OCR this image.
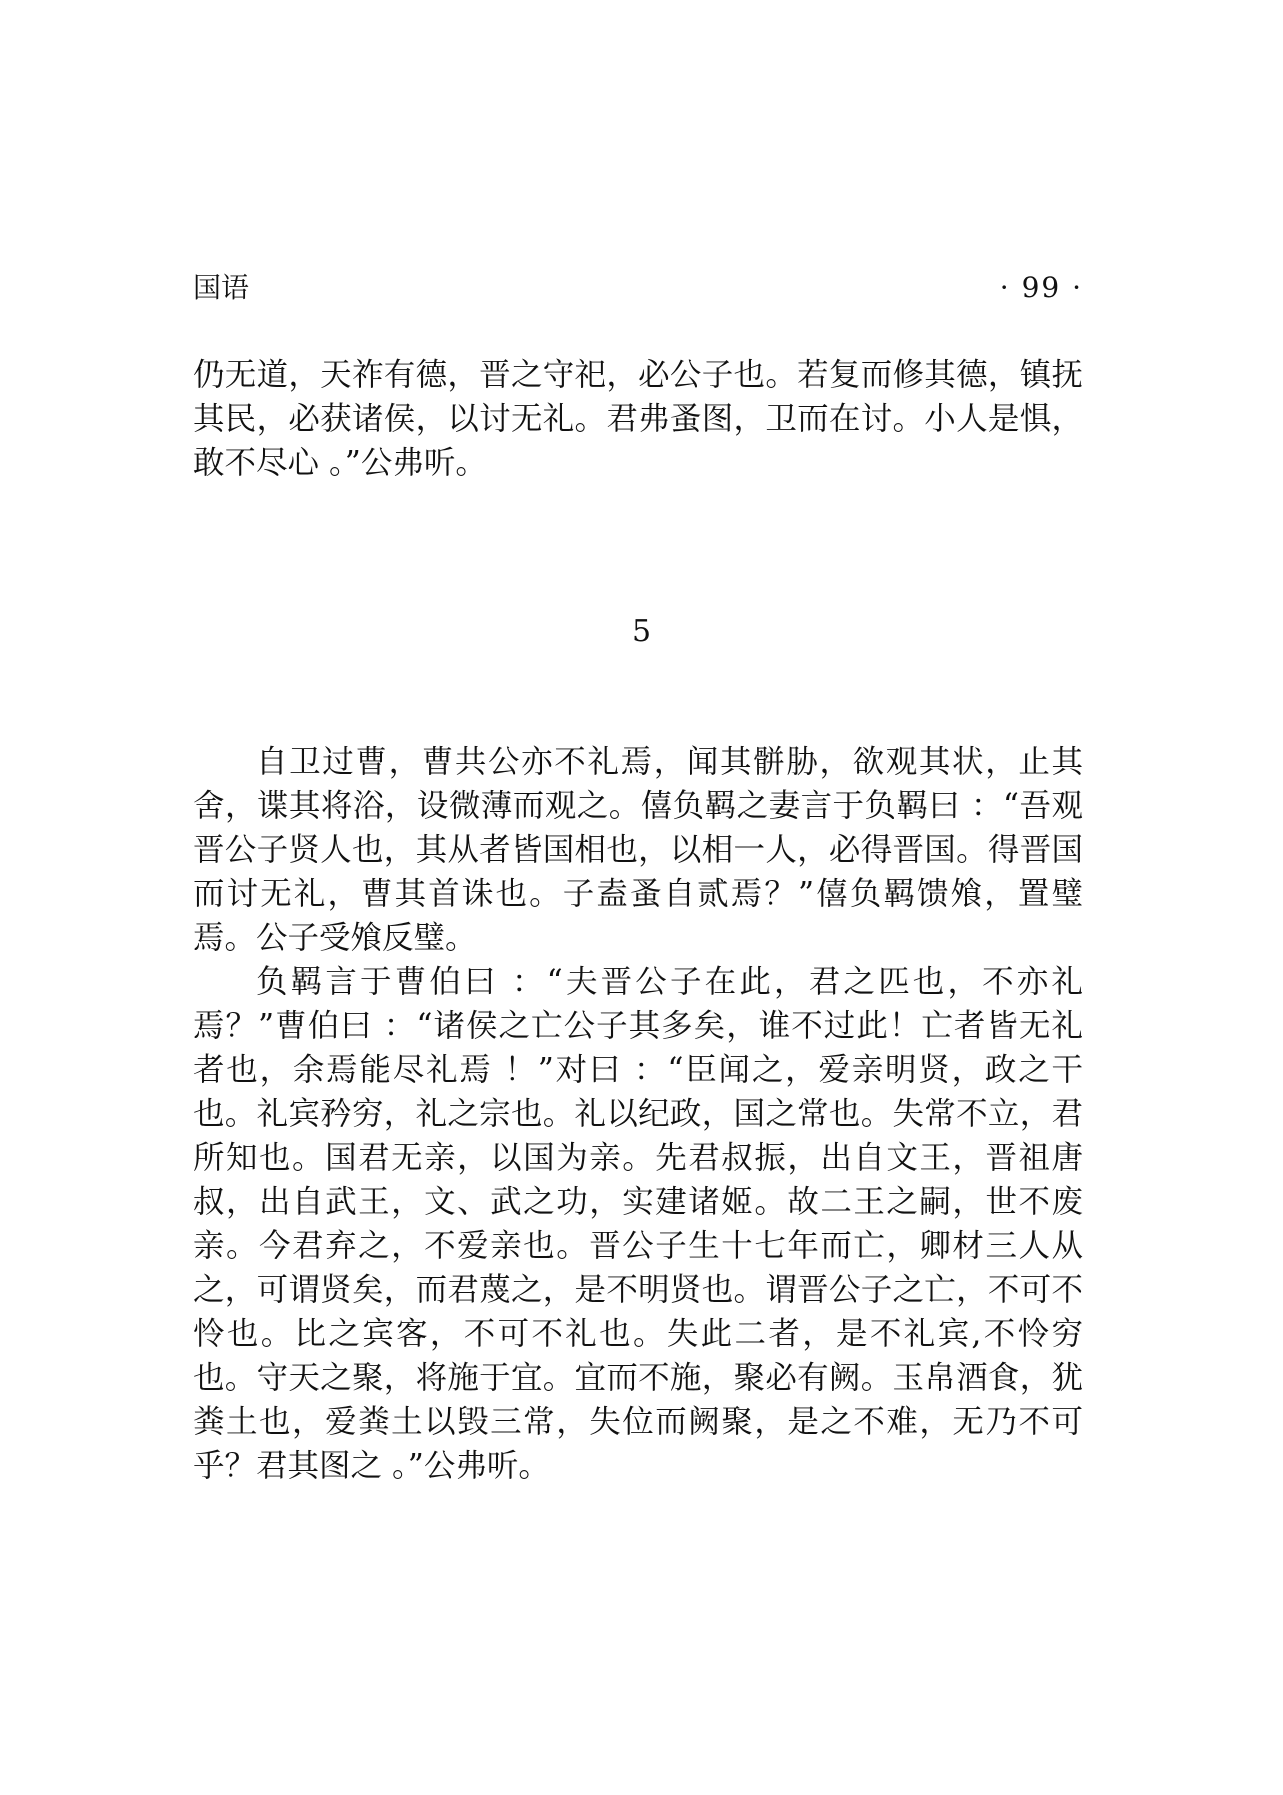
国语	· 99 ·

仍无道，天祚有德，晋之守祀，必公子也。若复而修其德，镇抚其民，必获诸侯，以讨无礼。君弗蚤图，卫而在讨。小人是惧，敢不尽心 。”公弗听。

5

自卫过曹，曹共公亦不礼焉，闻其骿胁，欲观其状，止其舍，谍其将浴，设微薄而观之。僖负羁之妻言于负羁曰 ：“吾观晋公子贤人也，其从者皆国相也，以相一人，必得晋国。得晋国而讨无礼，曹其首诛也。子盍蚤自贰焉？”僖负羁馈飧，置璧焉。公子受飧反璧。

负羁言于曹伯曰 ：“夫晋公子在此，君之匹也，不亦礼焉？”曹伯曰 ：“诸侯之亡公子其多矣，谁不过此！亡者皆无礼者也，余焉能尽礼焉 ！”对曰 ：“臣闻之，爱亲明贤，政之干也。礼宾矜穷，礼之宗也。礼以纪政，国之常也。失常不立，君所知也。国君无亲，以国为亲。先君叔振，出自文王，晋祖唐叔，出自武王，文、武之功，实建诸姬。故二王之嗣，世不废亲。今君弃之，不爱亲也。晋公子生十七年而亡，卿材三人从之，可谓贤矣，而君蔑之，是不明贤也。谓晋公子之亡，不可不怜也。比之宾客，不可不礼也。失此二者，是不礼宾,不怜穷也。守天之聚，将施于宜。宜而不施，聚必有阙。玉帛酒食，犹粪土也，爱粪土以毁三常，失位而阙聚，是之不难，无乃不可乎？君其图之 。”公弗听。
